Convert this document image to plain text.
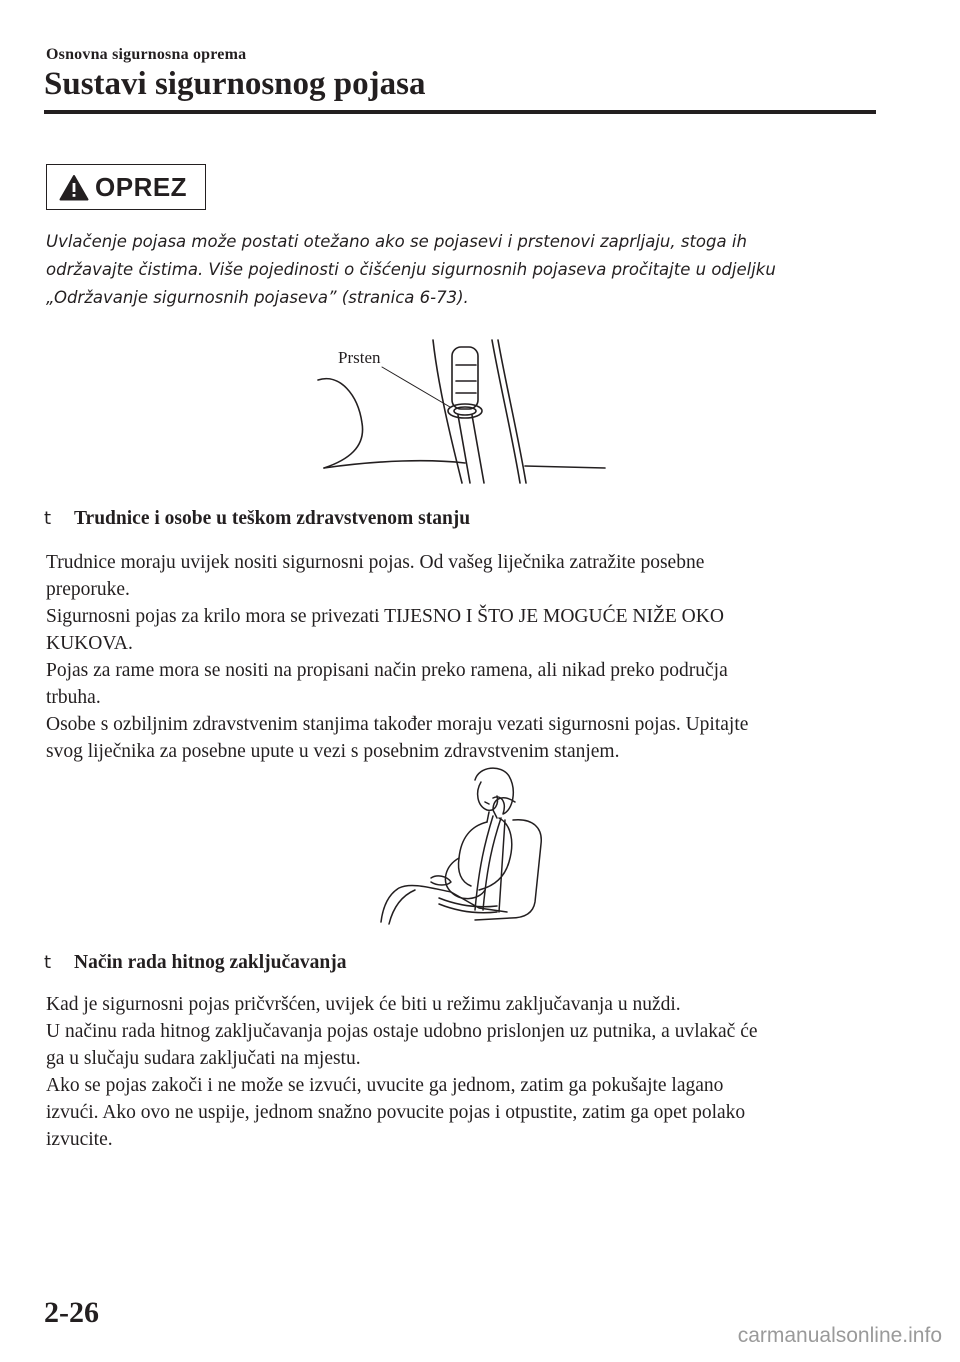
Osnovna sigurnosna oprema
Sustavi sigurnosnog pojasa
OPREZ
Uvlačenje pojasa može postati otežano ako se pojasevi i prstenovi zaprljaju, stoga ih
održavajte čistima. Više pojedinosti o čišćenju sigurnosnih pojaseva pročitajte u odjeljku
„Održavanje sigurnosnih pojaseva” (stranica 6-73).
Prsten
t Trudnice i osobe u teškom zdravstvenom stanju
Trudnice moraju uvijek nositi sigurnosni pojas. Od vašeg liječnika zatražite posebne
preporuke.
Sigurnosni pojas za krilo mora se privezati TIJESNO I ŠTO JE MOGUĆE NIŽE OKO
KUKOVA.
Pojas za rame mora se nositi na propisani način preko ramena, ali nikad preko područja
trbuha.
Osobe s ozbiljnim zdravstvenim stanjima također moraju vezati sigurnosni pojas. Upitajte
svog liječnika za posebne upute u vezi s posebnim zdravstvenim stanjem.
t Način rada hitnog zaključavanja
Kad je sigurnosni pojas pričvršćen, uvijek će biti u režimu zaključavanja u nuždi.
U načinu rada hitnog zaključavanja pojas ostaje udobno prislonjen uz putnika, a uvlakač će
ga u slučaju sudara zaključati na mjestu.
Ako se pojas zakoči i ne može se izvući, uvucite ga jednom, zatim ga pokušajte lagano
izvući. Ako ovo ne uspije, jednom snažno povucite pojas i otpustite, zatim ga opet polako
izvucite.
2-26
carmanualsonline.info
